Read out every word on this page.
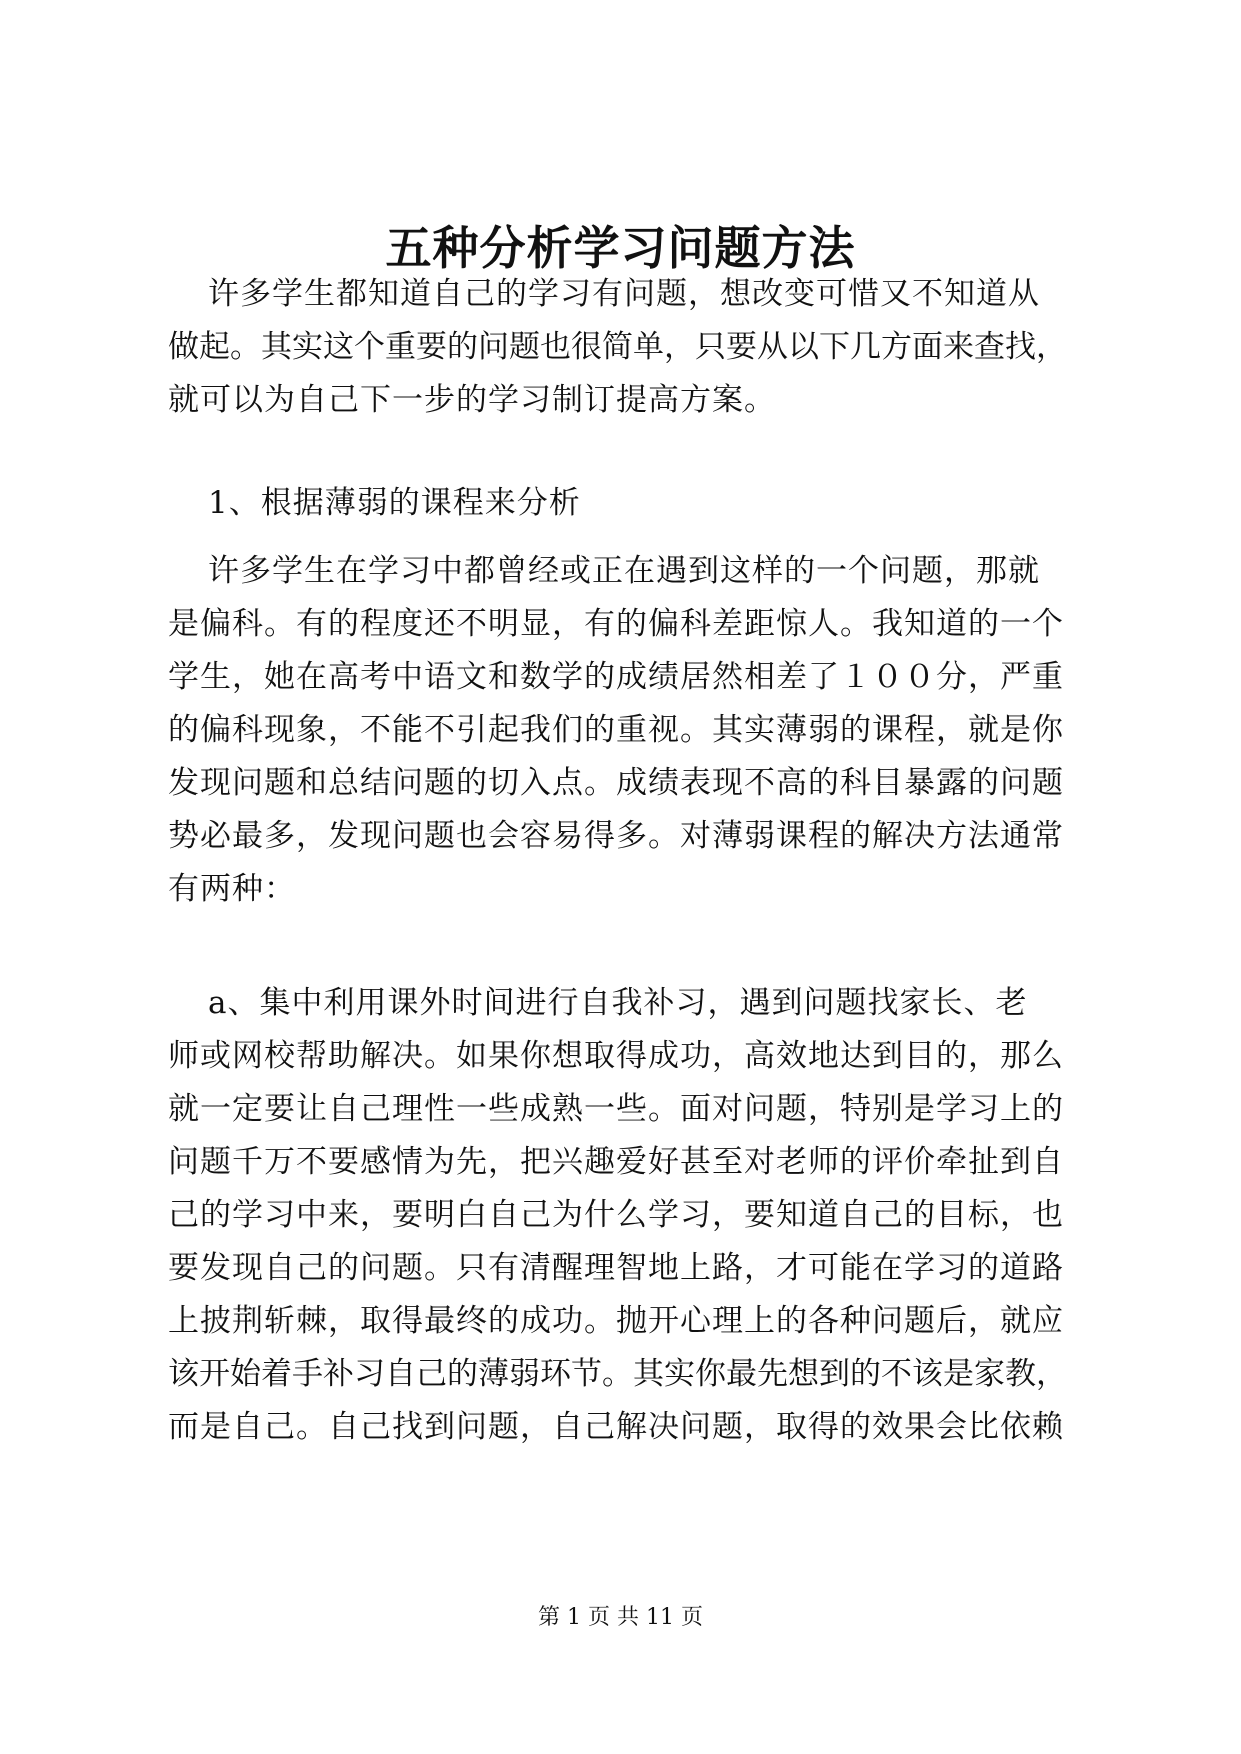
五种分析学习问题方法
许多学生都知道自己的学习有问题，想改变可惜又不知道从
做起。其实这个重要的问题也很简单，只要从以下几方面来查找，
就可以为自己下一步的学习制订提高方案。
1、根据薄弱的课程来分析
许多学生在学习中都曾经或正在遇到这样的一个问题，那就
是偏科。有的程度还不明显，有的偏科差距惊人。我知道的一个
学生，她在高考中语文和数学的成绩居然相差了１００分，严重
的偏科现象，不能不引起我们的重视。其实薄弱的课程，就是你
发现问题和总结问题的切入点。成绩表现不高的科目暴露的问题
势必最多，发现问题也会容易得多。对薄弱课程的解决方法通常
有两种：
a、集中利用课外时间进行自我补习，遇到问题找家长、老
师或网校帮助解决。如果你想取得成功，高效地达到目的，那么
就一定要让自己理性一些成熟一些。面对问题，特别是学习上的
问题千万不要感情为先，把兴趣爱好甚至对老师的评价牵扯到自
己的学习中来，要明白自己为什么学习，要知道自己的目标，也
要发现自己的问题。只有清醒理智地上路，才可能在学习的道路
上披荆斩棘，取得最终的成功。抛开心理上的各种问题后，就应
该开始着手补习自己的薄弱环节。其实你最先想到的不该是家教，
而是自己。自己找到问题，自己解决问题，取得的效果会比依赖
第 1 页 共 11 页
